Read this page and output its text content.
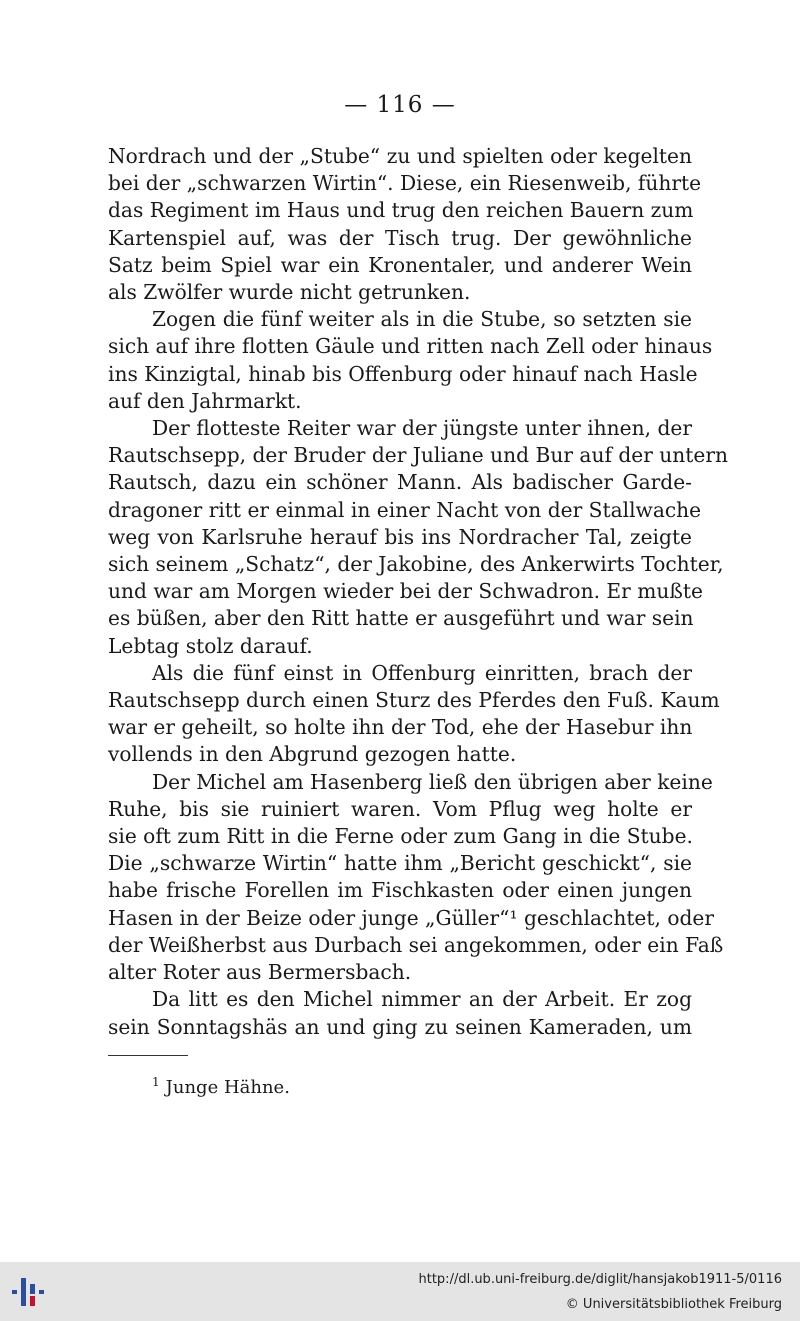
— 116 —

Nordrach und der „Stube“ zu und spielten oder kegelten
bei der „schwarzen Wirtin“. Diese, ein Riesenweib, führte
das Regiment im Haus und trug den reichen Bauern zum
Kartenspiel auf, was der Tisch trug. Der gewöhnliche
Satz beim Spiel war ein Kronentaler, und anderer Wein
als Zwölfer wurde nicht getrunken.

Zogen die fünf weiter als in die Stube, so setzten sie
sich auf ihre flotten Gäule und ritten nach Zell oder hinaus
ins Kinzigtal, hinab bis Offenburg oder hinauf nach Hasle
auf den Jahrmarkt.

Der flotteste Reiter war der jüngste unter ihnen, der
Rautschsepp, der Bruder der Juliane und Bur auf der untern
Rautsch, dazu ein schöner Mann. Als badischer Garde-
dragoner ritt er einmal in einer Nacht von der Stallwache
weg von Karlsruhe herauf bis ins Nordracher Tal, zeigte
sich seinem „Schatz“, der Jakobine, des Ankerwirts Tochter,
und war am Morgen wieder bei der Schwadron. Er mußte
es büßen, aber den Ritt hatte er ausgeführt und war sein
Lebtag stolz darauf.

Als die fünf einst in Offenburg einritten, brach der
Rautschsepp durch einen Sturz des Pferdes den Fuß. Kaum
war er geheilt, so holte ihn der Tod, ehe der Hasebur ihn
vollends in den Abgrund gezogen hatte.

Der Michel am Hasenberg ließ den übrigen aber keine
Ruhe, bis sie ruiniert waren. Vom Pflug weg holte er
sie oft zum Ritt in die Ferne oder zum Gang in die Stube.
Die „schwarze Wirtin“ hatte ihm „Bericht geschickt“, sie
habe frische Forellen im Fischkasten oder einen jungen
Hasen in der Beize oder junge „Güller“¹ geschlachtet, oder
der Weißherbst aus Durbach sei angekommen, oder ein Faß
alter Roter aus Bermersbach.

Da litt es den Michel nimmer an der Arbeit. Er zog
sein Sonntagshäs an und ging zu seinen Kameraden, um

$^1$ Junge Hähne.
http://dl.ub.uni-freiburg.de/diglit/hansjakob1911-5/0116
© Universitätsbibliothek Freiburg
